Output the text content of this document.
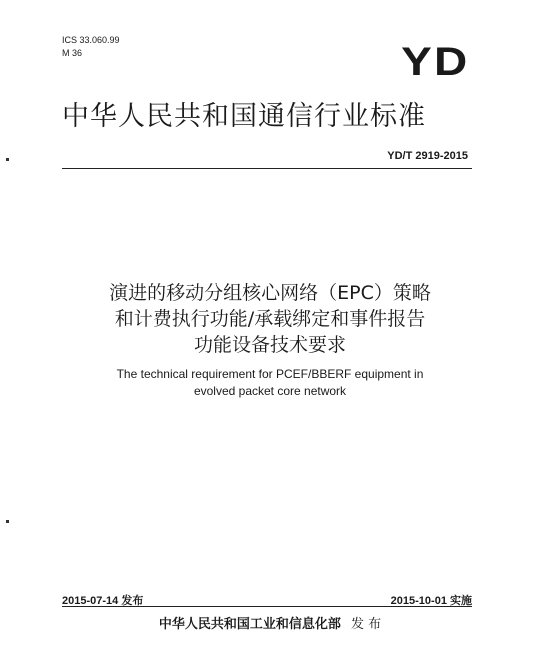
ICS 33.060.99
M 36	YD
中华人民共和国通信行业标准
YD/T 2919-2015
演进的移动分组核心网络（EPC）策略
和计费执行功能/承载绑定和事件报告
功能设备技术要求
The technical requirement for PCEF/BBERF equipment in
evolved packet core network
2015-07-14 发布	2015-10-01 实施
中华人民共和国工业和信息化部 发 布
